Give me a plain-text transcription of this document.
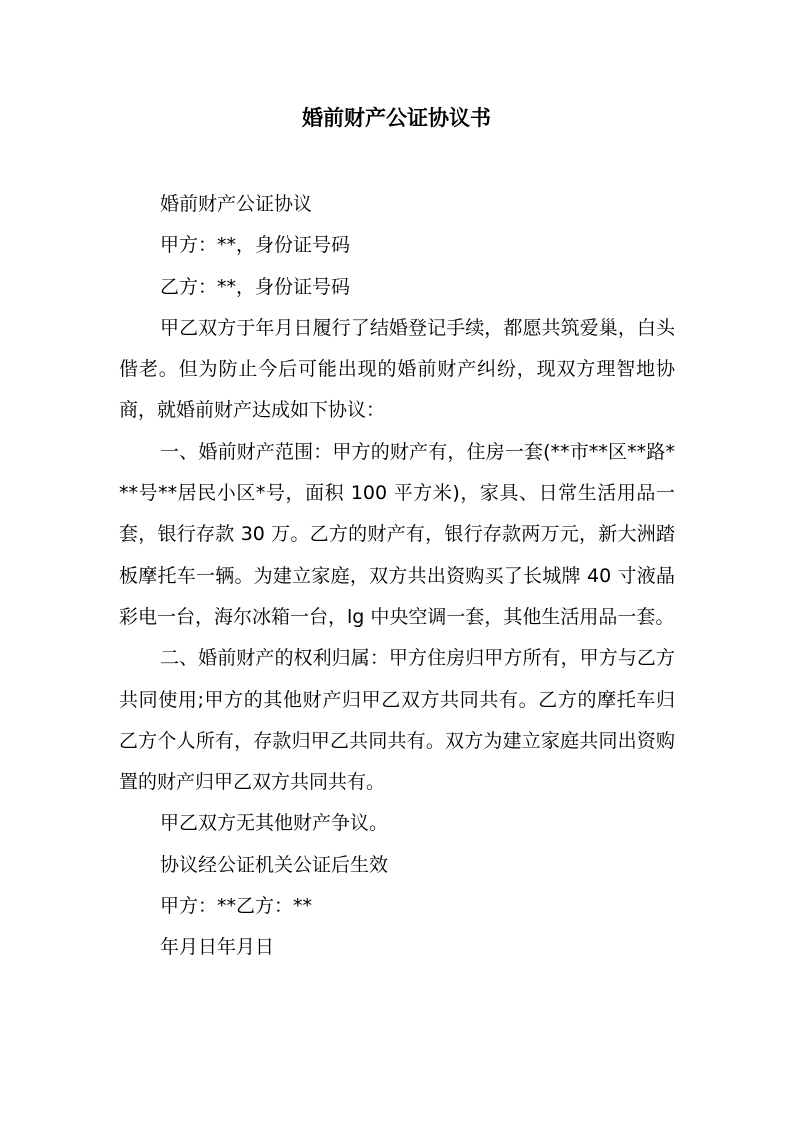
婚前财产公证协议书

婚前财产公证协议

甲方：**，身份证号码

乙方：**，身份证号码

甲乙双方于年月日履行了结婚登记手续，都愿共筑爱巢，白头偕老。但为防止今后可能出现的婚前财产纠纷，现双方理智地协商，就婚前财产达成如下协议：

一、婚前财产范围：甲方的财产有，住房一套(**市**区**路***号**居民小区*号，面积 100 平方米)，家具、日常生活用品一套，银行存款 30 万。乙方的财产有，银行存款两万元，新大洲踏板摩托车一辆。为建立家庭，双方共出资购买了长城牌 40 寸液晶彩电一台，海尔冰箱一台，lg 中央空调一套，其他生活用品一套。

二、婚前财产的权利归属：甲方住房归甲方所有，甲方与乙方共同使用;甲方的其他财产归甲乙双方共同共有。乙方的摩托车归乙方个人所有，存款归甲乙共同共有。双方为建立家庭共同出资购置的财产归甲乙双方共同共有。

甲乙双方无其他财产争议。

协议经公证机关公证后生效

甲方：**乙方：**

年月日年月日
